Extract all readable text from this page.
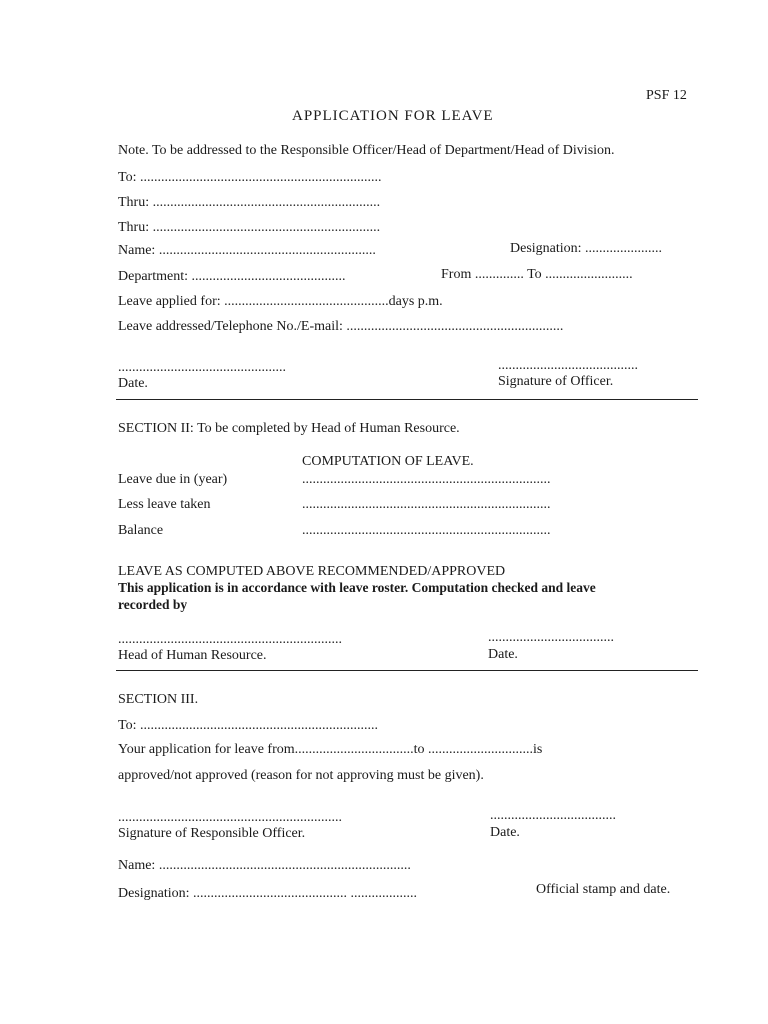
PSF 12
APPLICATION FOR LEAVE
Note. To be addressed to the Responsible Officer/Head of Department/Head of Division.
To: .....................................................................
Thru: .................................................................
Thru: .................................................................
Name: ..............................................................	Designation: ......................
Department: ............................................	From .............. To .........................
Leave applied for: ...............................................days p.m.
Leave addressed/Telephone No./E-mail: ..............................................................
................................................
Date.
........................................
Signature of Officer.
SECTION II: To be completed by Head of Human Resource.
COMPUTATION OF LEAVE.
Leave due in (year)	.......................................................................
Less leave taken	.......................................................................
Balance	.......................................................................
LEAVE AS COMPUTED ABOVE RECOMMENDED/APPROVED
This application is in accordance with leave roster. Computation checked and leave
recorded by
................................................................
Head of Human Resource.
....................................
Date.
SECTION III.
To: ....................................................................
Your application for leave from..................................to ..............................is
approved/not approved (reason for not approving must be given).
................................................................
Signature of Responsible Officer.
....................................
Date.
Name: ........................................................................
Designation: ............................................ ...................	Official stamp and date.
